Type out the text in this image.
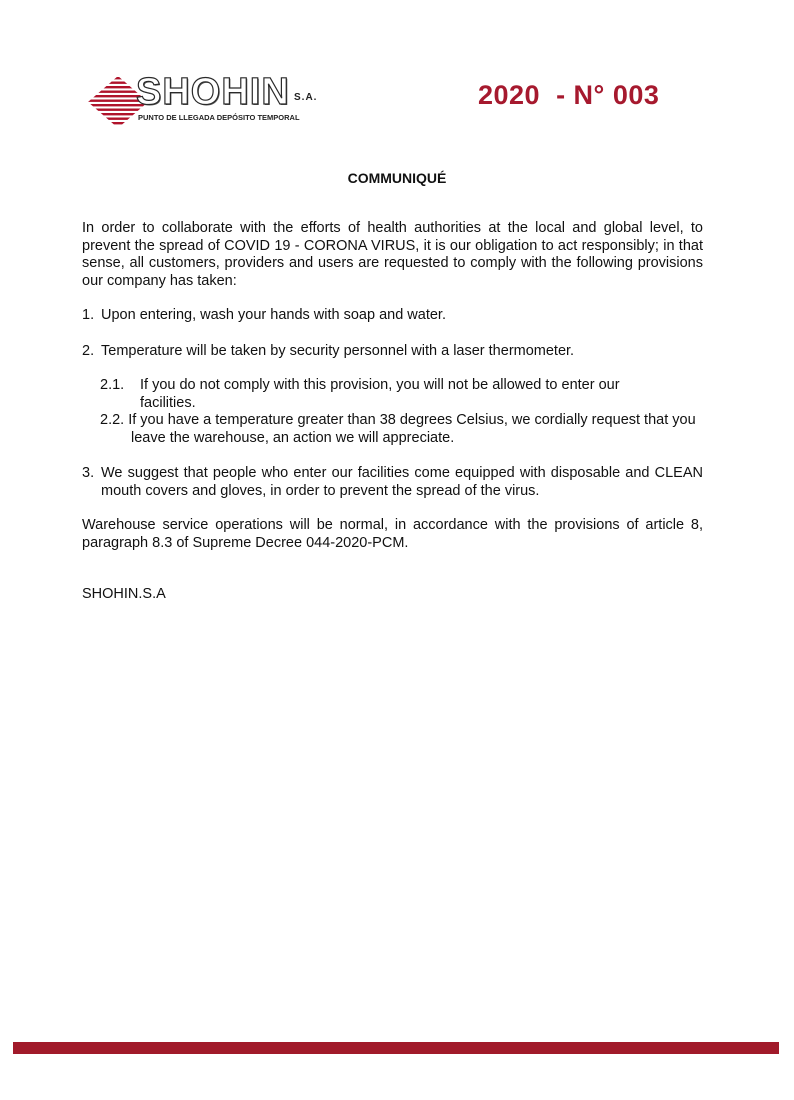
SHOHIN S.A.
PUNTO DE LLEGADA DEPÓSITO TEMPORAL
2020  - N° 003
COMMUNIQUÉ

In order to collaborate with the efforts of health authorities at the local and global level, to prevent the spread of COVID 19 - CORONA VIRUS, it is our obligation to act responsibly; in that sense, all customers, providers and users are requested to comply with the following provisions our company has taken:

1. Upon entering, wash your hands with soap and water.
2. Temperature will be taken by security personnel with a laser thermometer.
2.1.	If you do not comply with this provision, you will not be allowed to enter our facilities.
2.2. If you have a temperature greater than 38 degrees Celsius, we cordially request that you leave the warehouse, an action we will appreciate.
3. We suggest that people who enter our facilities come equipped with disposable and CLEAN mouth covers and gloves, in order to prevent the spread of the virus.

Warehouse service operations will be normal, in accordance with the provisions of article 8, paragraph 8.3 of Supreme Decree 044-2020-PCM.

SHOHIN.S.A
